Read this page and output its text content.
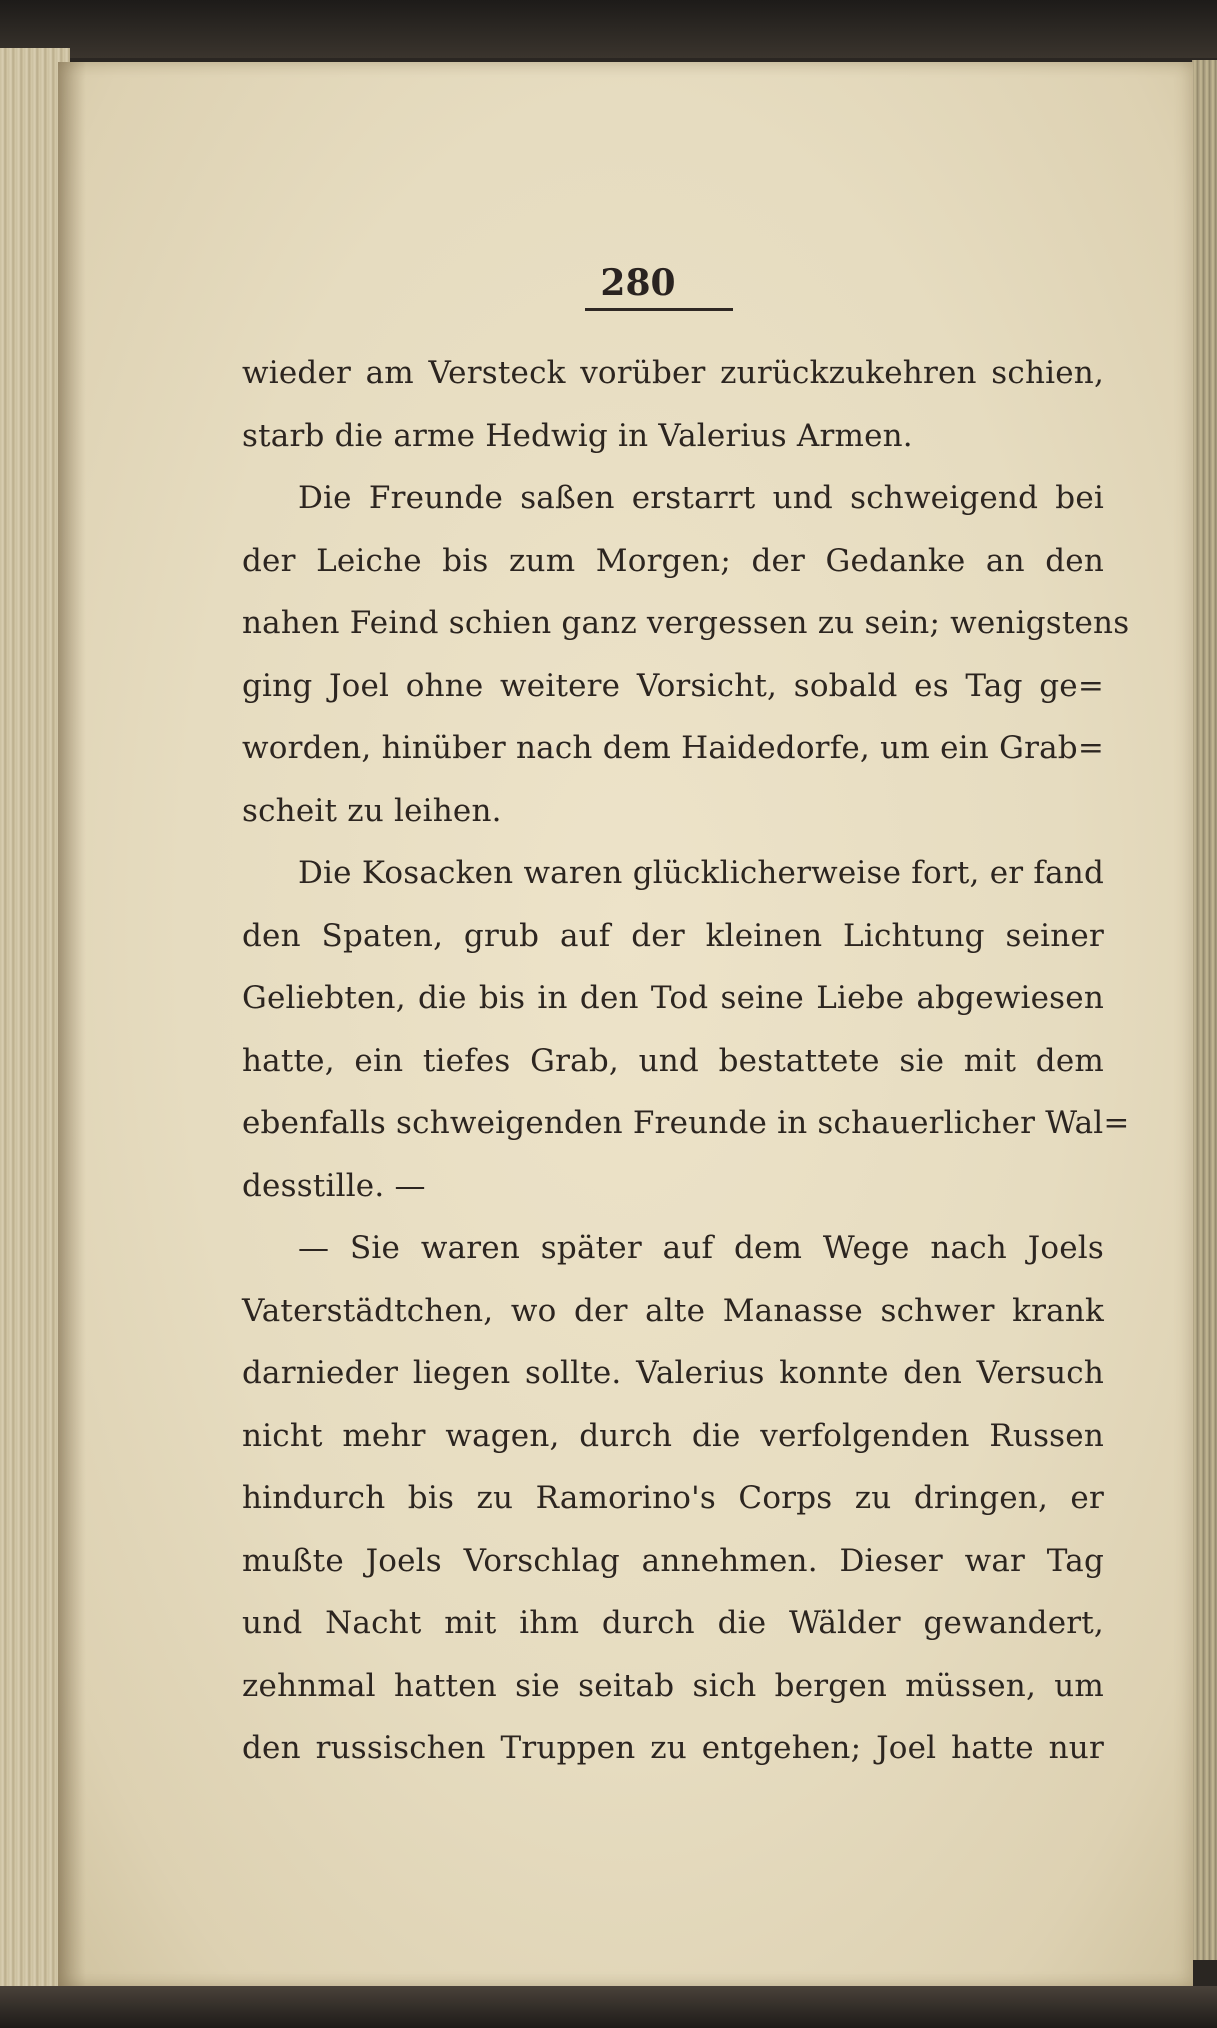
280
wieder am Versteck vorüber zurückzukehren schien,
starb die arme Hedwig in Valerius Armen.
Die Freunde saßen erstarrt und schweigend bei
der Leiche bis zum Morgen; der Gedanke an den
nahen Feind schien ganz vergessen zu sein; wenigstens
ging Joel ohne weitere Vorsicht, sobald es Tag ge=
worden, hinüber nach dem Haidedorfe, um ein Grab=
scheit zu leihen.
Die Kosacken waren glücklicherweise fort, er fand
den Spaten, grub auf der kleinen Lichtung seiner
Geliebten, die bis in den Tod seine Liebe abgewiesen
hatte, ein tiefes Grab, und bestattete sie mit dem
ebenfalls schweigenden Freunde in schauerlicher Wal=
desstille. —
— Sie waren später auf dem Wege nach Joels
Vaterstädtchen, wo der alte Manasse schwer krank
darnieder liegen sollte. Valerius konnte den Versuch
nicht mehr wagen, durch die verfolgenden Russen
hindurch bis zu Ramorino's Corps zu dringen, er
mußte Joels Vorschlag annehmen. Dieser war Tag
und Nacht mit ihm durch die Wälder gewandert,
zehnmal hatten sie seitab sich bergen müssen, um
den russischen Truppen zu entgehen; Joel hatte nur
